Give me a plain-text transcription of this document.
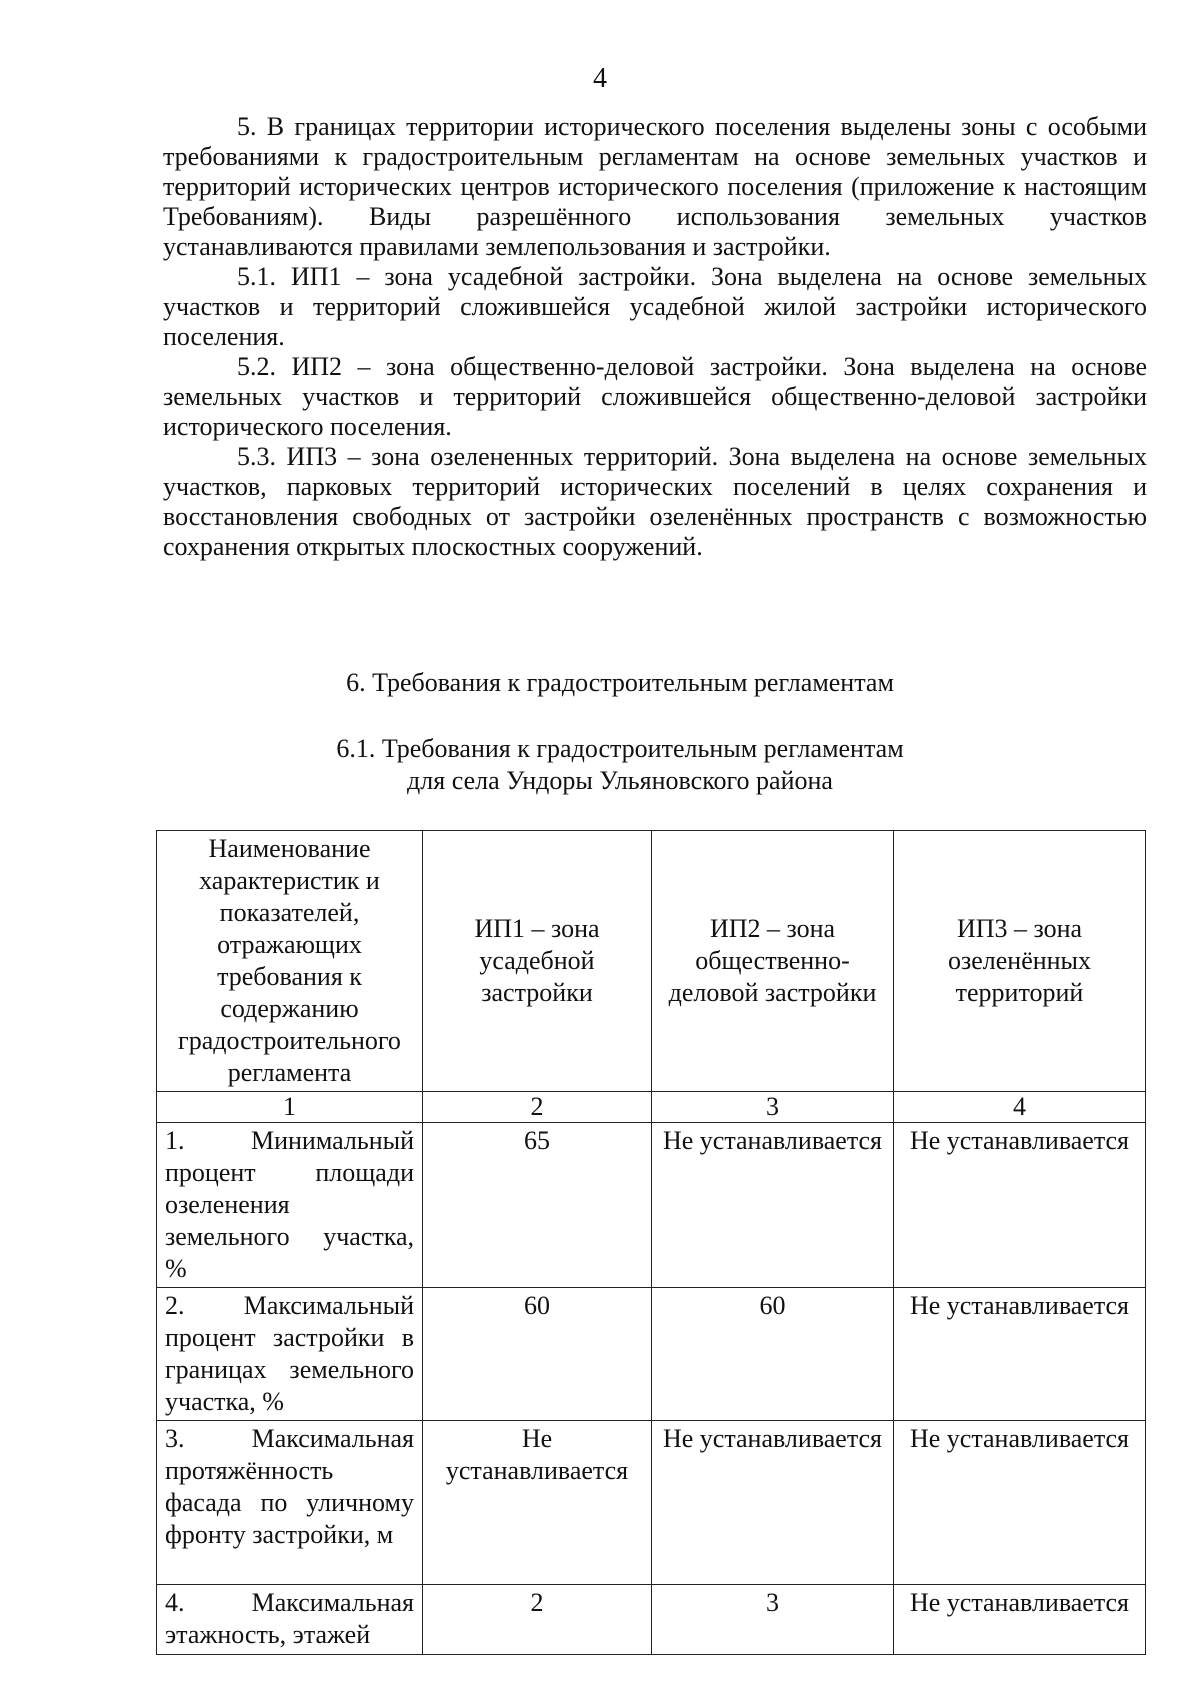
4

5. В границах территории исторического поселения выделены зоны с особыми требованиями к градостроительным регламентам на основе земельных участков и территорий исторических центров исторического поселения (приложение к настоящим Требованиям). Виды разрешённого использования земельных участков устанавливаются правилами землепользования и застройки.

5.1. ИП1 – зона усадебной застройки. Зона выделена на основе земельных участков и территорий сложившейся усадебной жилой застройки исторического поселения.

5.2. ИП2 – зона общественно-деловой застройки. Зона выделена на основе земельных участков и территорий сложившейся общественно-деловой застройки исторического поселения.

5.3. ИП3 – зона озелененных территорий. Зона выделена на основе земельных участков, парковых территорий исторических поселений в целях сохранения и восстановления свободных от застройки озеленённых пространств с возможностью сохранения открытых плоскостных сооружений.

6. Требования к градостроительным регламентам
6.1. Требования к градостроительным регламентам
для села Ундоры Ульяновского района
Наименование характеристик и показателей, отражающих требования к содержанию градостроительного регламента	ИП1 – зона усадебной застройки	ИП2 – зона общественно-деловой застройки	ИП3 – зона озеленённых территорий
1	2	3	4
1. Минимальный процент площади озеленения земельного участка, %	65	Не устанавливается	Не устанавливается
2. Максимальный процент застройки в границах земельного участка, %	60	60	Не устанавливается
3. Максимальная протяжённость фасада по уличному фронту застройки, м	Не устанавливается	Не устанавливается	Не устанавливается
4. Максимальная этажность, этажей	2	3	Не устанавливается
